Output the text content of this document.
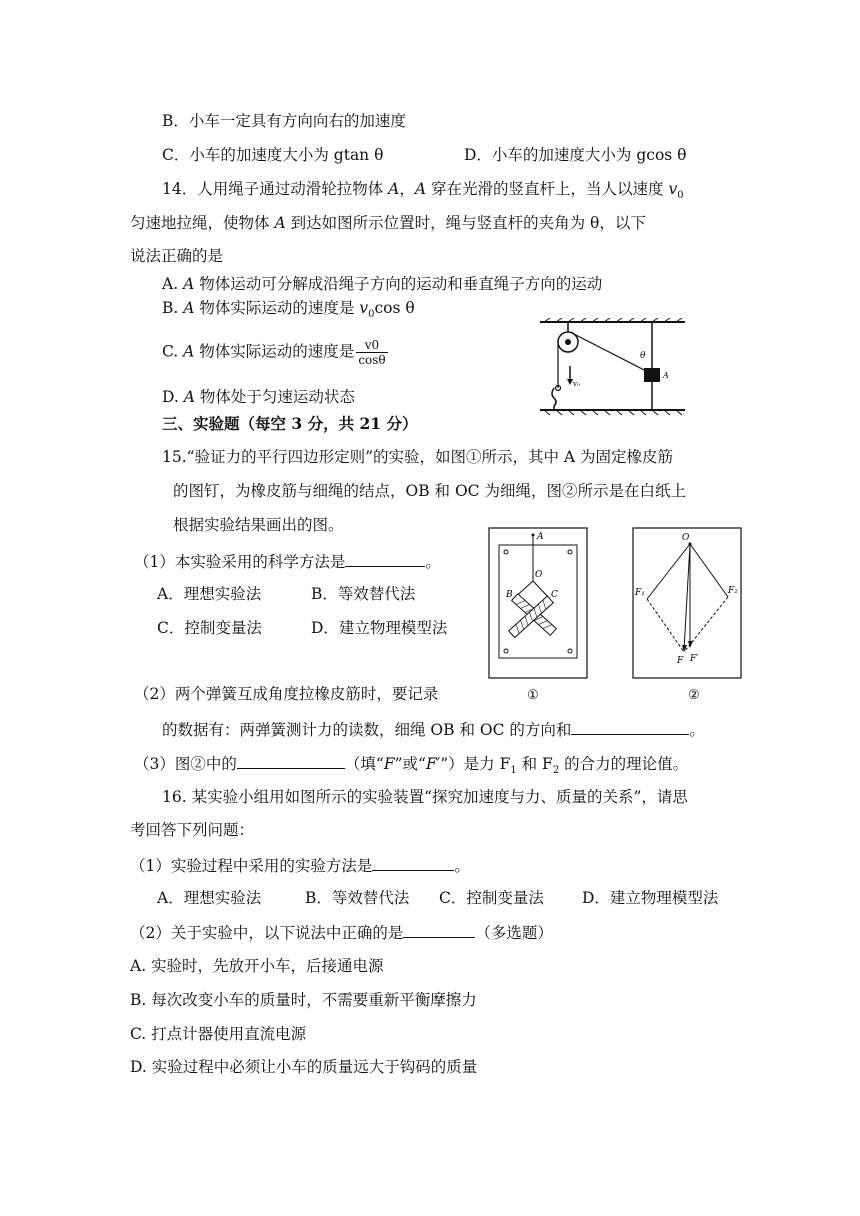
B．小车一定具有方向向右的加速度
C．小车的加速度大小为 gtan θ	D．小车的加速度大小为 gcos θ
14．人用绳子通过动滑轮拉物体 A，A 穿在光滑的竖直杆上，当人以速度 $v_0$
匀速地拉绳，使物体 A 到达如图所示位置时，绳与竖直杆的夹角为 θ，以下
说法正确的是
A. A 物体运动可分解成沿绳子方向的运动和垂直绳子方向的运动
B. A 物体实际运动的速度是 $v_0\cos$ θ
C. A 物体实际运动的速度是 $\frac{v0}{\cos\theta}$
D. A 物体处于匀速运动状态
A
θ
v₀
三、实验题（每空 3 分，共 21 分）
15.“验证力的平行四边形定则”的实验，如图①所示，其中 A 为固定橡皮筋
的图钉，为橡皮筋与细绳的结点，OB 和 OC 为细绳，图②所示是在白纸上
根据实验结果画出的图。
（1）本实验采用的科学方法是	。
A．理想实验法	B．等效替代法
C．控制变量法	D．建立物理模型法
A
O
B	C
①
O
F₁	F₂
F F′
②
（2）两个弹簧互成角度拉橡皮筋时，要记录
的数据有：两弹簧测计力的读数，细绳 OB 和 OC 的方向和	。
（3）图②中的	（填“F”或“F′”）是力 $F_1$ 和 $F_2$ 的合力的理论值。
16. 某实验小组用如图所示的实验装置“探究加速度与力、质量的关系”，请思
考回答下列问题：
（1）实验过程中采用的实验方法是	。
A．理想实验法	B．等效替代法 C．控制变量法 D．建立物理模型法
（2）关于实验中，以下说法中正确的是	（多选题）
A. 实验时，先放开小车，后接通电源
B. 每次改变小车的质量时，不需要重新平衡摩擦力
C. 打点计器使用直流电源
D. 实验过程中必须让小车的质量远大于钩码的质量
